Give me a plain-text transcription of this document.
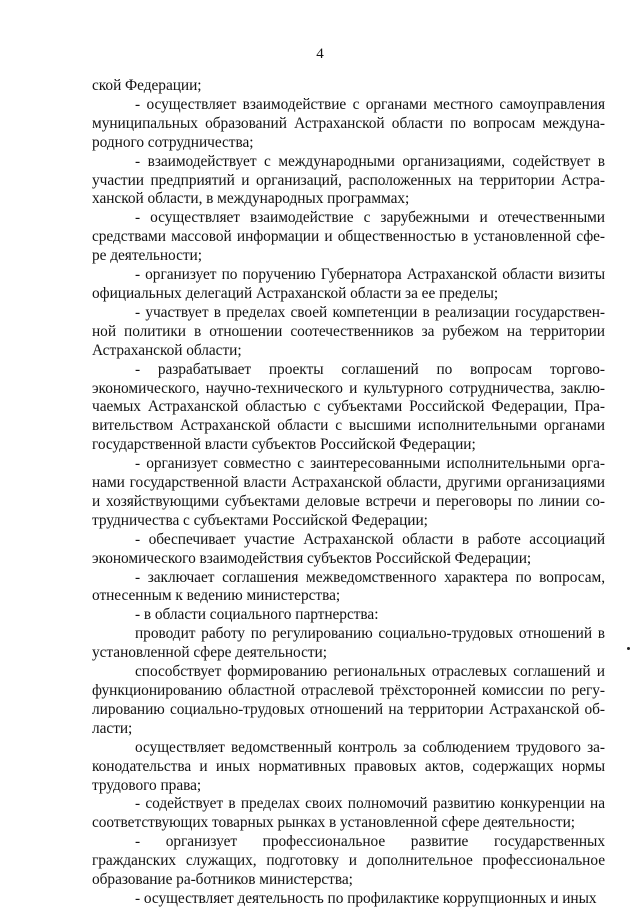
4

ской Федерации;

- осуществляет взаимодействие с органами местного самоуправления муниципальных образований Астраханской области по вопросам междуна-родного сотрудничества;

- взаимодействует с международными организациями, содействует в участии предприятий и организаций, расположенных на территории Астра-ханской области, в международных программах;

- осуществляет взаимодействие с зарубежными и отечественными средствами массовой информации и общественностью в установленной сфе-ре деятельности;

- организует по поручению Губернатора Астраханской области визиты официальных делегаций Астраханской области за ее пределы;

- участвует в пределах своей компетенции в реализации государствен-ной политики в отношении соотечественников за рубежом на территории Астраханской области;

- разрабатывает проекты соглашений по вопросам торгово-экономического, научно-технического и культурного сотрудничества, заклю-чаемых Астраханской областью с субъектами Российской Федерации, Пра-вительством Астраханской области с высшими исполнительными органами государственной власти субъектов Российской Федерации;

- организует совместно с заинтересованными исполнительными орга-нами государственной власти Астраханской области, другими организациями и хозяйствующими субъектами деловые встречи и переговоры по линии со-трудничества с субъектами Российской Федерации;

- обеспечивает участие Астраханской области в работе ассоциаций экономического взаимодействия субъектов Российской Федерации;

- заключает соглашения межведомственного характера по вопросам, отнесенным к ведению министерства;

- в области социального партнерства:

проводит работу по регулированию социально-трудовых отношений в установленной сфере деятельности;

способствует формированию региональных отраслевых соглашений и функционированию областной отраслевой трёхсторонней комиссии по регу-лированию социально-трудовых отношений на территории Астраханской об-ласти;

осуществляет ведомственный контроль за соблюдением трудового за-конодательства и иных нормативных правовых актов, содержащих нормы трудового права;

- содействует в пределах своих полномочий развитию конкуренции на соответствующих товарных рынках в установленной сфере деятельности;

- организует профессиональное развитие государственных гражданских служащих, подготовку и дополнительное профессиональное образование ра-ботников министерства;

- осуществляет деятельность по профилактике коррупционных и иных
